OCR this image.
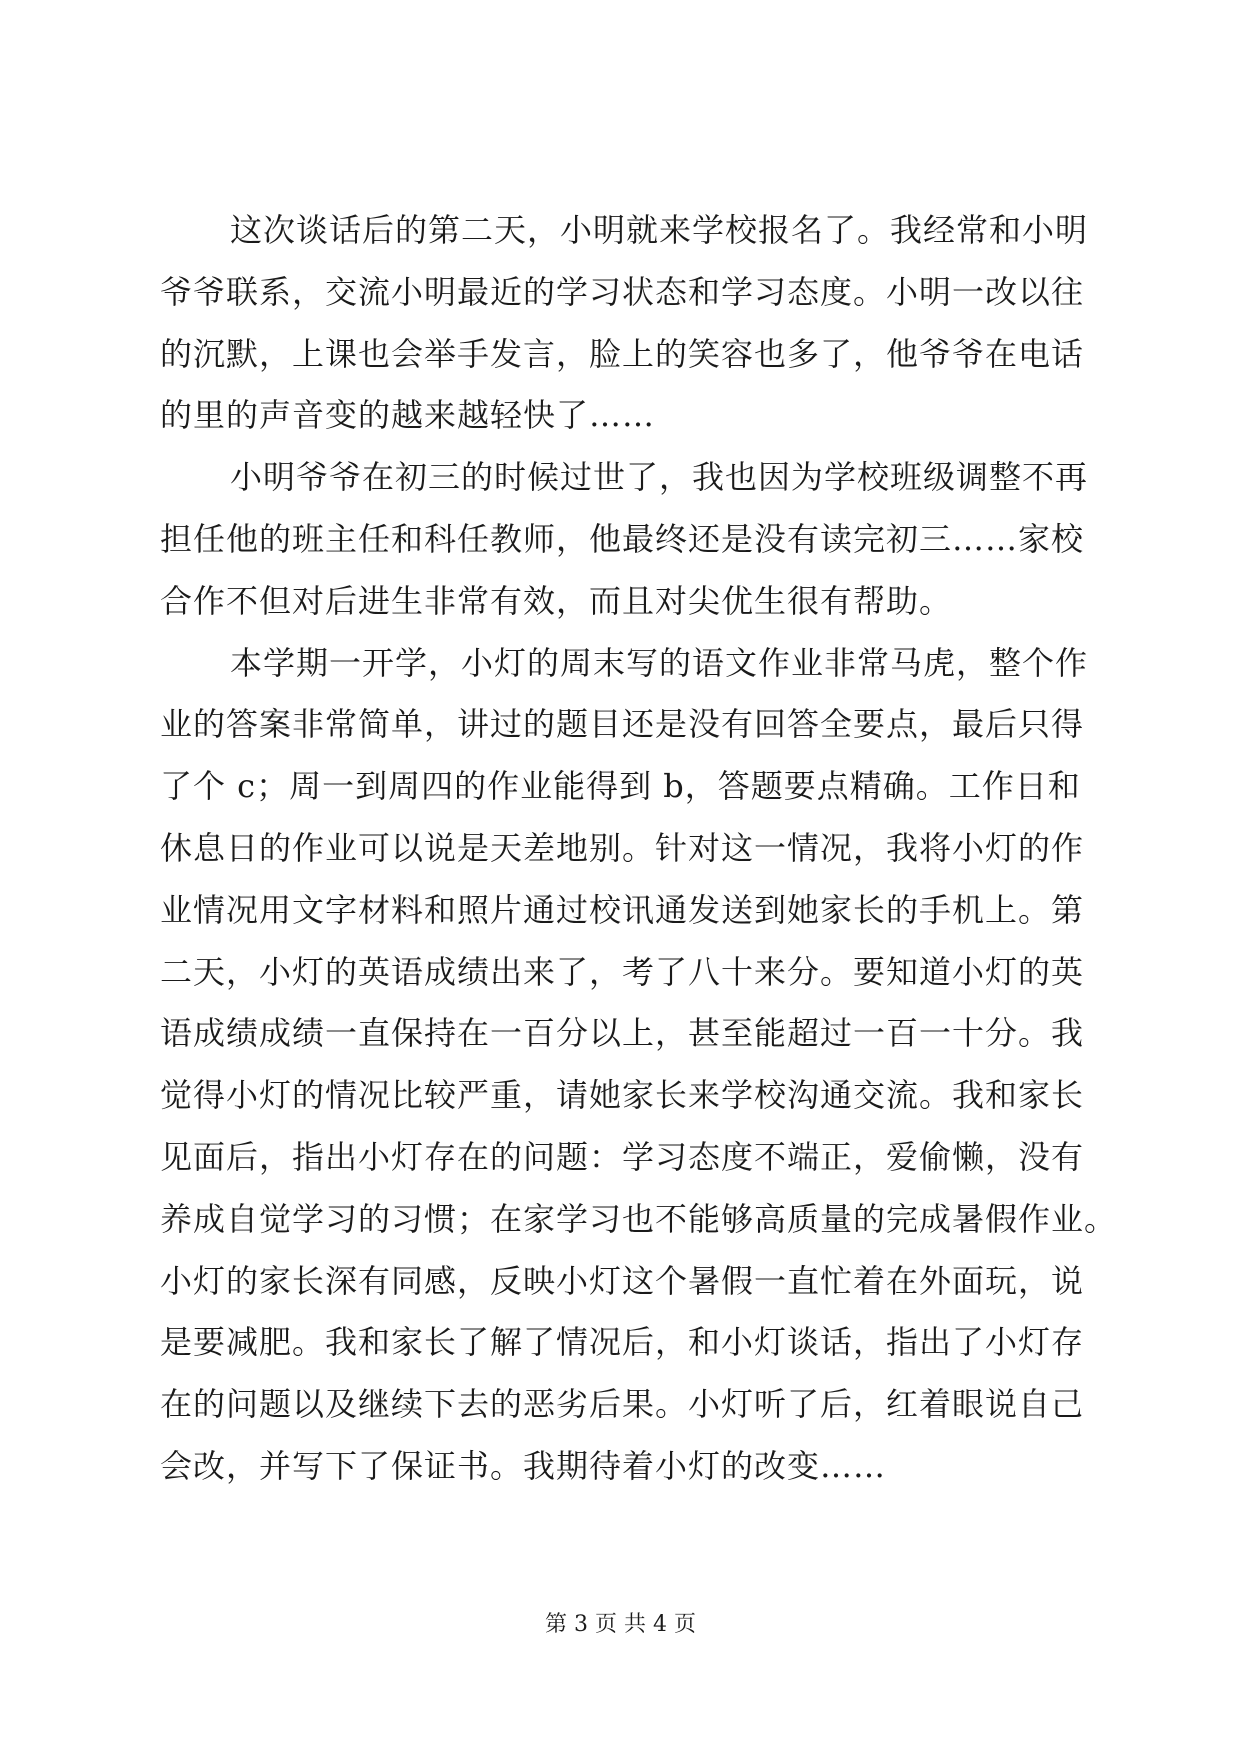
这次谈话后的第二天，小明就来学校报名了。我经常和小明
爷爷联系，交流小明最近的学习状态和学习态度。小明一改以往
的沉默，上课也会举手发言，脸上的笑容也多了，他爷爷在电话
的里的声音变的越来越轻快了……
小明爷爷在初三的时候过世了，我也因为学校班级调整不再
担任他的班主任和科任教师，他最终还是没有读完初三……家校
合作不但对后进生非常有效，而且对尖优生很有帮助。
本学期一开学，小灯的周末写的语文作业非常马虎，整个作
业的答案非常简单，讲过的题目还是没有回答全要点，最后只得
了个 c；周一到周四的作业能得到 b，答题要点精确。工作日和
休息日的作业可以说是天差地别。针对这一情况，我将小灯的作
业情况用文字材料和照片通过校讯通发送到她家长的手机上。第
二天，小灯的英语成绩出来了，考了八十来分。要知道小灯的英
语成绩成绩一直保持在一百分以上，甚至能超过一百一十分。我
觉得小灯的情况比较严重，请她家长来学校沟通交流。我和家长
见面后，指出小灯存在的问题：学习态度不端正，爱偷懒，没有
养成自觉学习的习惯；在家学习也不能够高质量的完成暑假作业。
小灯的家长深有同感，反映小灯这个暑假一直忙着在外面玩，说
是要减肥。我和家长了解了情况后，和小灯谈话，指出了小灯存
在的问题以及继续下去的恶劣后果。小灯听了后，红着眼说自己
会改，并写下了保证书。我期待着小灯的改变……
第 3 页 共 4 页
